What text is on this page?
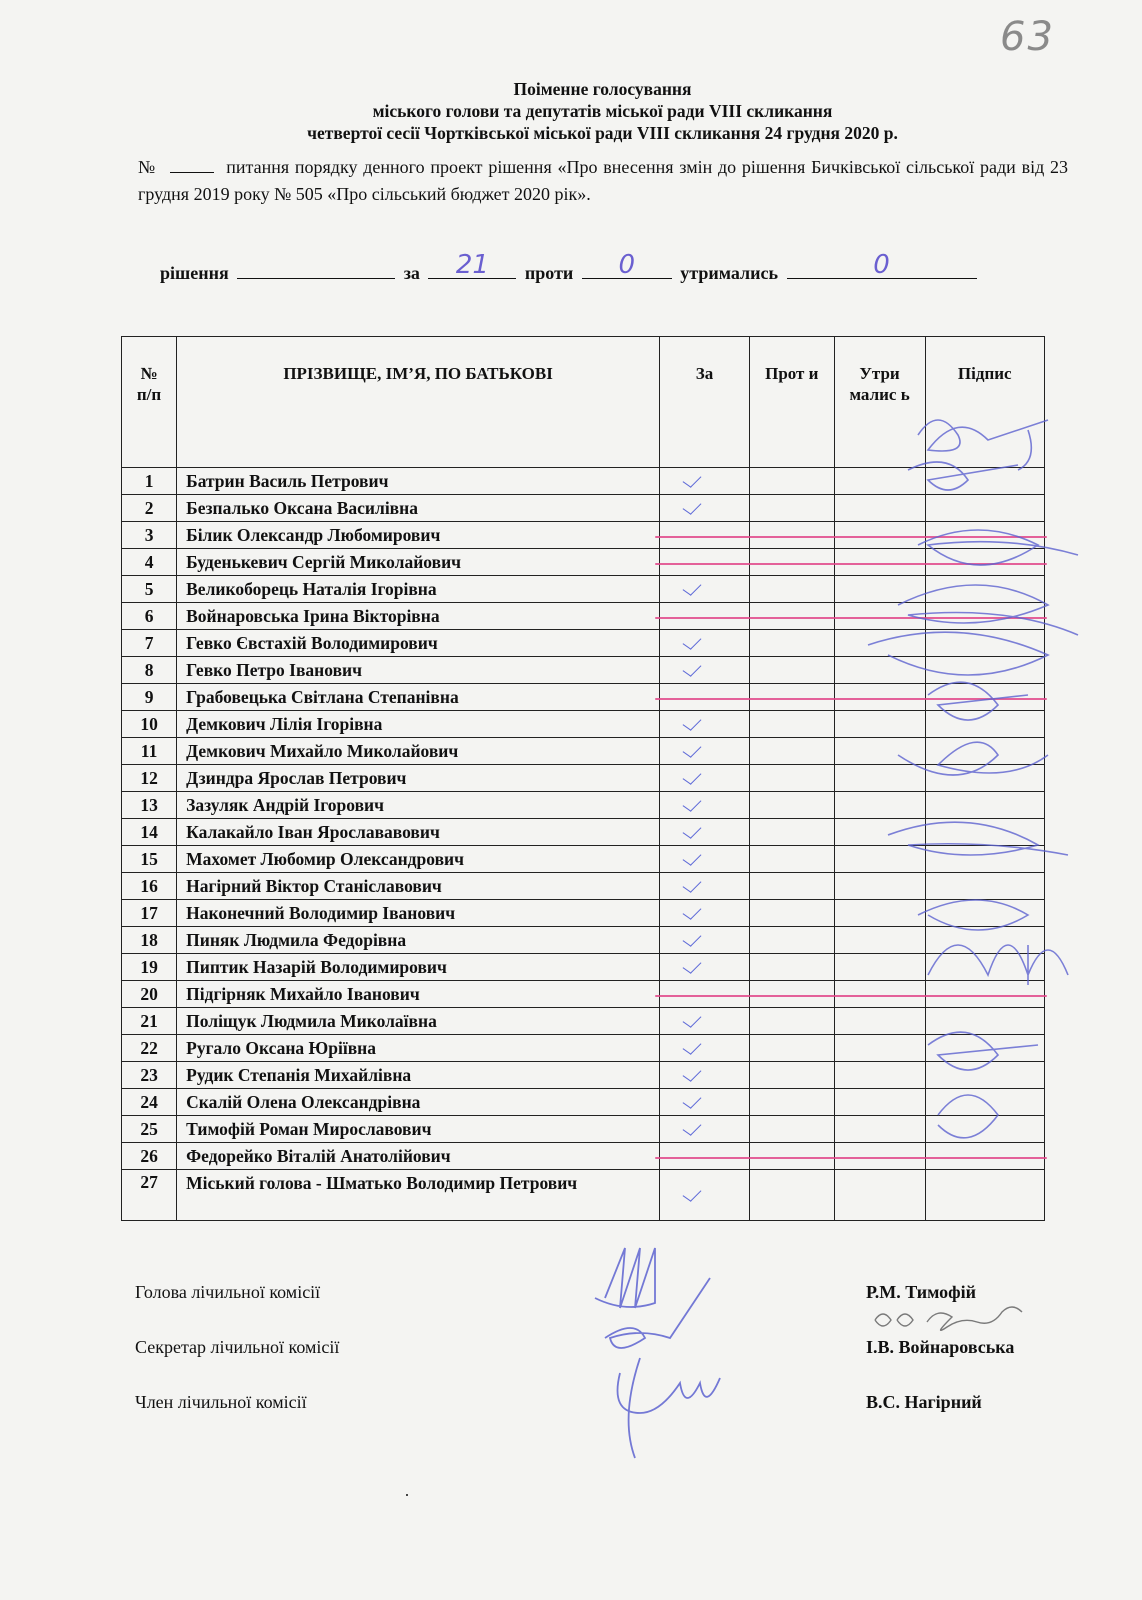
63
Поіменне голосування
міського голови та депутатів міської ради VIII скликання
четвертої сесії Чортківської міської ради VIII скликання 24 грудня 2020 р.
№	питання порядку денного проект рішення «Про внесення змін до рішення Бичківської сільської ради від 23 грудня 2019 року № 505 «Про сільський бюджет 2020 рік».
рішення	за 21 проти 0	утримались	0
№ п/п	ПРІЗВИЩЕ, ІМ’Я, ПО БАТЬКОВІ	За	Прот и	Утри малис ь	Підпис
1	Батрин Василь Петрович				
2	Безпалько Оксана Василівна				
3	Білик Олександр Любомирович				
4	Буденькевич Сергій Миколайович				
5	Великоборець Наталія Ігорівна				
6	Войнаровська Ірина Вікторівна				
7	Гевко Євстахій Володимирович				
8	Гевко Петро Іванович				
9	Грабовецька Світлана Степанівна				
10	Демкович Лілія Ігорівна				
11	Демкович Михайло Миколайович				
12	Дзиндра Ярослав Петрович				
13	Зазуляк Андрій Ігорович				
14	Калакайло Іван Ярослававович				
15	Махомет Любомир Олександрович				
16	Нагірний Віктор Станіславович				
17	Наконечний Володимир Іванович				
18	Пиняк Людмила Федорівна				
19	Пиптик Назарій Володимирович				
20	Підгірняк Михайло Іванович				
21	Поліщук Людмила Миколаївна				
22	Ругало Оксана Юріївна				
23	Рудик Степанія Михайлівна				
24	Скалій Олена Олександрівна				
25	Тимофій Роман Мирославович				
26	Федорейко Віталій Анатолійович				
27	Міський голова - Шматько Володимир Петрович				
Голова лічильної комісії	Р.М. Тимофій
Секретар лічильної комісії	І.В. Войнаровська
Член лічильної комісії	В.С. Нагірний
